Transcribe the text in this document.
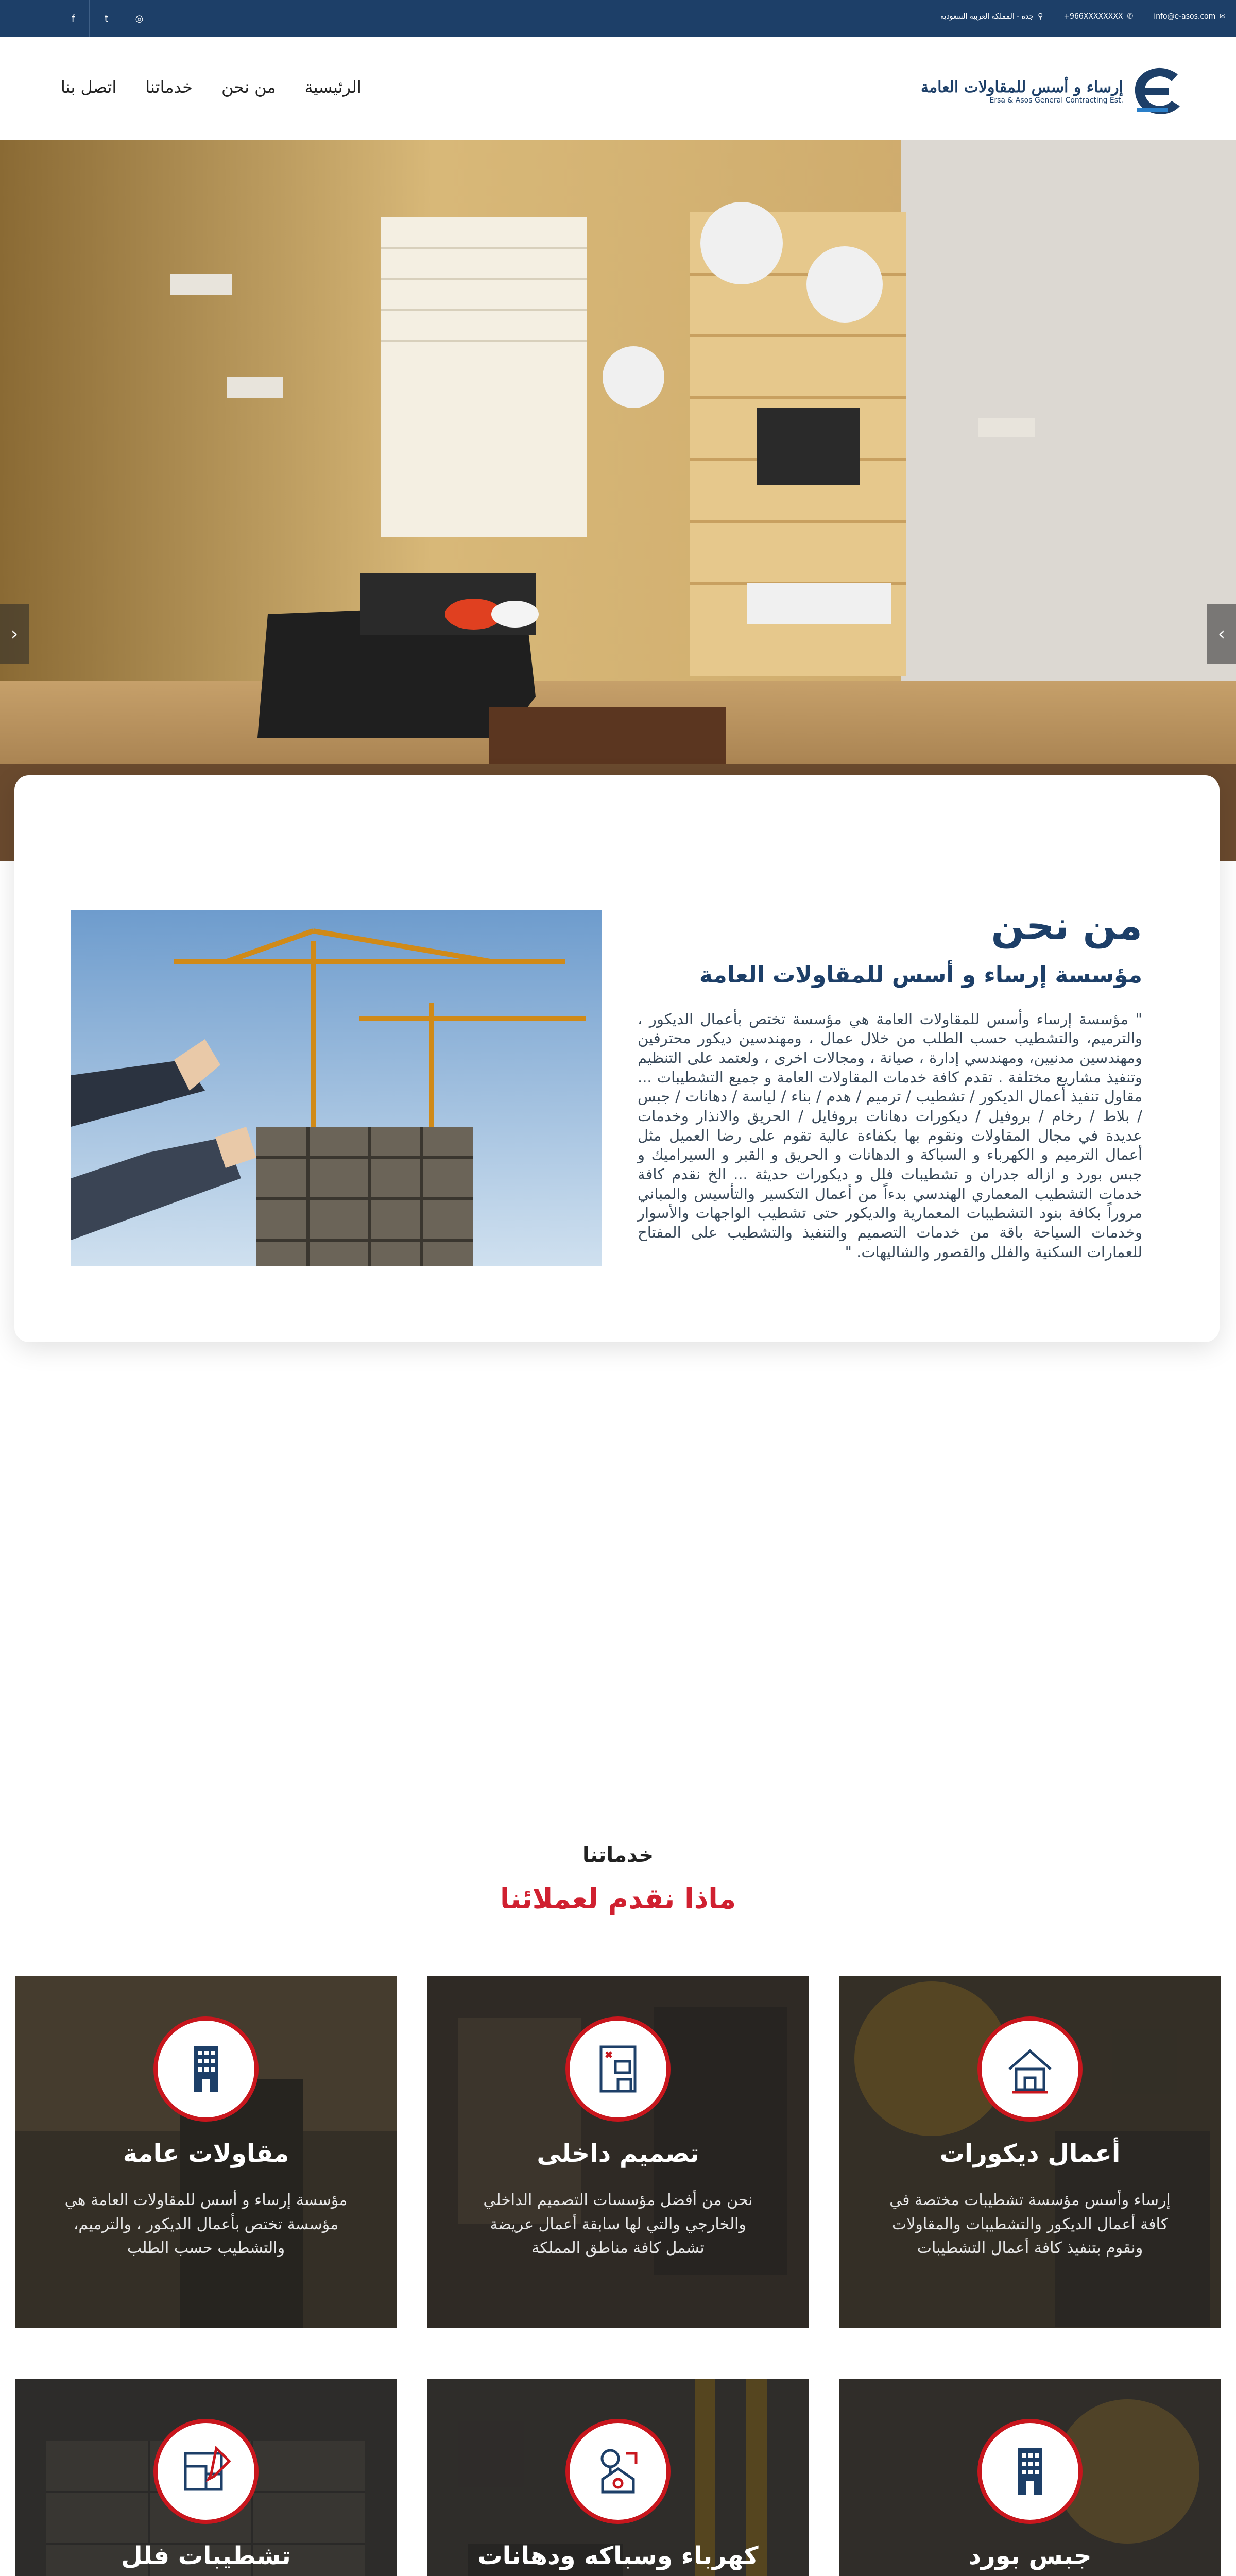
✉
info@e-asos.com
✆
+966XXXXXXXX
⚲
جدة - المملكة العربية السعودية
◎
t
f
إرساء و أسس للمقاولات العامة
Ersa & Asos General Contracting Est.
اتصل بنا خدماتنا من نحن الرئيسية
‹	›
من نحن
مؤسسة إرساء و أسس للمقاولات العامة

" مؤسسة إرساء وأسس للمقاولات العامة هي مؤسسة تختص بأعمال الديكور ، والترميم، والتشطيب حسب الطلب من خلال عمال ، ومهندسين ديكور محترفين ومهندسين مدنيين، ومهندسي إدارة ، صيانة ، ومجالات اخرى ، ولعتمد على التنظيم وتنفيذ مشاريع مختلفة . تقدم كافة خدمات المقاولات العامة و جميع التشطيبات ... مقاول تنفيذ أعمال الديكور / تشطيب / ترميم / هدم / بناء / لياسة / دهانات / جبس / بلاط / رخام / بروفيل / ديكورات دهانات بروفايل / الحريق والانذار وخدمات عديدة في مجال المقاولات ونقوم بها بكفاءة عالية تقوم على رضا العميل مثل أعمال الترميم و الكهرباء و السباكة و الدهانات و الحريق و القبر و السيراميك و جبس بورد و ازاله جدران و تشطيبات فلل و ديكورات حديثة ... الخ نقدم كافة خدمات التشطيب المعماري الهندسي بدءاً من أعمال التكسير والتأسيس والمباني مروراً بكافة بنود التشطيبات المعمارية والديكور حتى تشطيب الواجهات والأسوار وخدمات السياحة باقة من خدمات التصميم والتنفيذ والتشطيب على المفتاح للعمارات السكنية والفلل والقصور والشاليهات. "

خدماتنا
ماذا نقدم لعملائنا
أعمال ديكورات
إرساء وأسس مؤسسة تشطيبات مختصة في كافة أعمال الديكور والتشطيبات والمقاولات ونقوم بتنفيذ كافة أعمال التشطيبات
تصميم داخلى
نحن من أفضل مؤسسات التصميم الداخلي والخارجي والتي لها سابقة أعمال عريضة تشمل كافة مناطق المملكة
مقاولات عامة
مؤسسة إرساء و أسس للمقاولات العامة هي مؤسسة تختص بأعمال الديكور ، والترميم، والتشطيب حسب الطلب
جبس بورد
كهرباء وسباكه ودهانات
تشطيبات فلل
